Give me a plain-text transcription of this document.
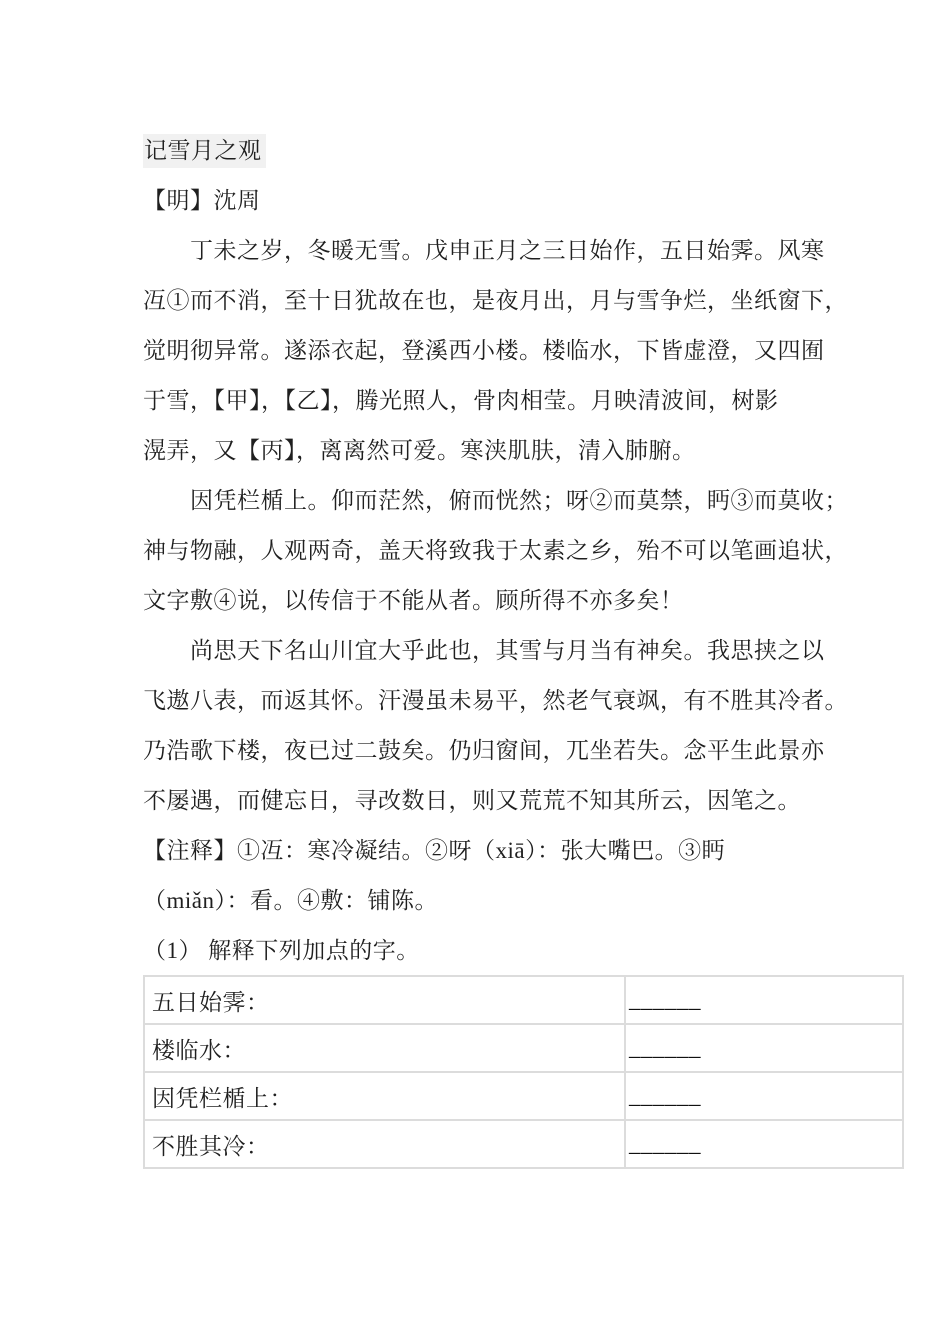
记雪月之观
【明】沈周
　　丁未之岁，冬暖无雪。戊申正月之三日始作，五日始霁。风寒
冱①而不消，至十日犹故在也，是夜月出，月与雪争烂，坐纸窗下，
觉明彻异常。遂添衣起，登溪西小楼。楼临水，下皆虚澄，又四囿
于雪，【甲】，【乙】，腾光照人，骨肉相莹。月映清波间，树影
滉弄，又【丙】，离离然可爱。寒浃肌肤，清入肺腑。
　　因凭栏楯上。仰而茫然，俯而恍然；呀②而莫禁，眄③而莫收；
神与物融，人观两奇，盖天将致我于太素之乡，殆不可以笔画追状，
文字敷④说，以传信于不能从者。顾所得不亦多矣！
　　尚思天下名山川宜大乎此也，其雪与月当有神矣。我思挟之以
飞遨八表，而返其怀。汗漫虽未易平，然老气衰飒，有不胜其冷者。
乃浩歌下楼，夜已过二鼓矣。仍归窗间，兀坐若失。念平生此景亦
不屡遇，而健忘日，寻改数日，则又荒荒不知其所云，因笔之。
【注释】①冱：寒冷凝结。②呀（xiā）：张大嘴巴。③眄
（miǎn）：看。④敷：铺陈。
（1） 解释下列加点的字。
五日始霁：	______
楼临水：	______
因凭栏楯上：	______
不胜其冷：	______
